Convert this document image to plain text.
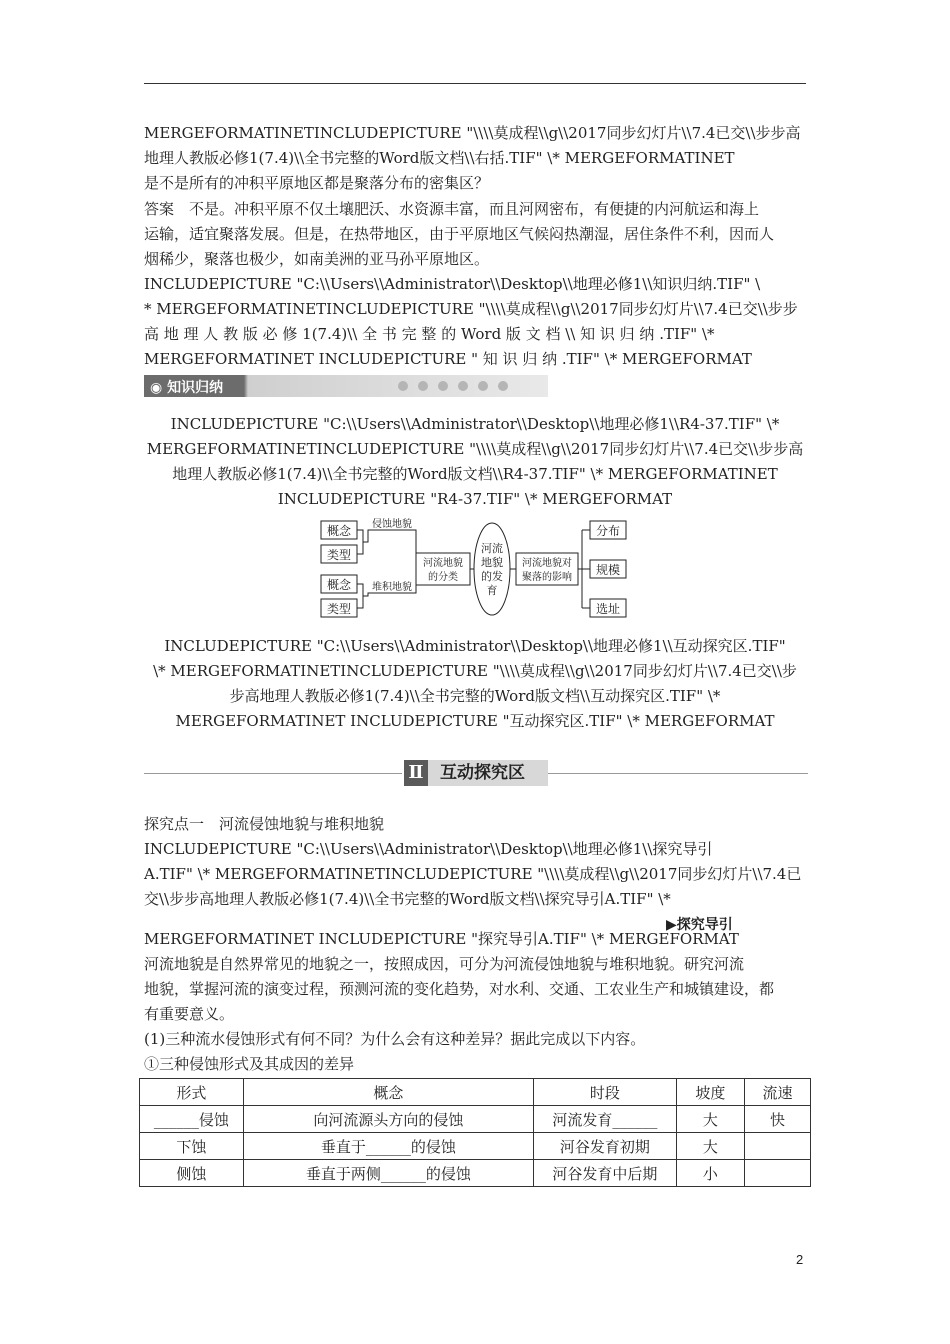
MERGEFORMATINETINCLUDEPICTURE "\\\\莫成程\\g\\2017同步幻灯片\\7.4已交\\步步高
地理人教版必修1(7.4)\\全书完整的Word版文档\\右括.TIF" \* MERGEFORMATINET
是不是所有的冲积平原地区都是聚落分布的密集区？
答案　不是。冲积平原不仅土壤肥沃、水资源丰富，而且河网密布，有便捷的内河航运和海上
运输，适宜聚落发展。但是，在热带地区，由于平原地区气候闷热潮湿，居住条件不利，因而人
烟稀少，聚落也极少，如南美洲的亚马孙平原地区。
INCLUDEPICTURE "C:\\Users\\Administrator\\Desktop\\地理必修1\\知识归纳.TIF" \
* MERGEFORMATINETINCLUDEPICTURE "\\\\莫成程\\g\\2017同步幻灯片\\7.4已交\\步步
高 地 理 人 教 版 必 修 1(7.4)\\ 全 书 完 整 的 Word 版 文 档 \\ 知 识 归 纳 .TIF" \*
MERGEFORMATINET INCLUDEPICTURE " 知 识 归 纳 .TIF" \* MERGEFORMAT
◉ 知识归纳
INCLUDEPICTURE "C:\\Users\\Administrator\\Desktop\\地理必修1\\R4-37.TIF" \*
MERGEFORMATINETINCLUDEPICTURE "\\\\莫成程\\g\\2017同步幻灯片\\7.4已交\\步步高
地理人教版必修1(7.4)\\全书完整的Word版文档\\R4-37.TIF" \* MERGEFORMATINET
INCLUDEPICTURE "R4-37.TIF" \* MERGEFORMAT
概念
类型
概念
类型
侵蚀地貌
堆积地貌
河流地貌
的分类
河流
地貌
的发
育
河流地貌对
聚落的影响
分布
规模
选址
INCLUDEPICTURE "C:\\Users\\Administrator\\Desktop\\地理必修1\\互动探究区.TIF"
\* MERGEFORMATINETINCLUDEPICTURE "\\\\莫成程\\g\\2017同步幻灯片\\7.4已交\\步
步高地理人教版必修1(7.4)\\全书完整的Word版文档\\互动探究区.TIF" \*
MERGEFORMATINET INCLUDEPICTURE "互动探究区.TIF" \* MERGEFORMAT
Ⅱ 互动探究区
探究点一　河流侵蚀地貌与堆积地貌
INCLUDEPICTURE "C:\\Users\\Administrator\\Desktop\\地理必修1\\探究导引
A.TIF" \* MERGEFORMATINETINCLUDEPICTURE "\\\\莫成程\\g\\2017同步幻灯片\\7.4已
交\\步步高地理人教版必修1(7.4)\\全书完整的Word版文档\\探究导引A.TIF" \*
▶探究导引
MERGEFORMATINET INCLUDEPICTURE "探究导引A.TIF" \* MERGEFORMAT
河流地貌是自然界常见的地貌之一，按照成因，可分为河流侵蚀地貌与堆积地貌。研究河流
地貌，掌握河流的演变过程，预测河流的变化趋势，对水利、交通、工农业生产和城镇建设，都
有重要意义。
(1)三种流水侵蚀形式有何不同？为什么会有这种差异？据此完成以下内容。
①三种侵蚀形式及其成因的差异
形式	概念	时段	坡度	流速
______侵蚀	向河流源头方向的侵蚀	河流发育______	大	快
下蚀	垂直于______的侵蚀	河谷发育初期	大	
侧蚀	垂直于两侧______的侵蚀	河谷发育中后期	小	
2
